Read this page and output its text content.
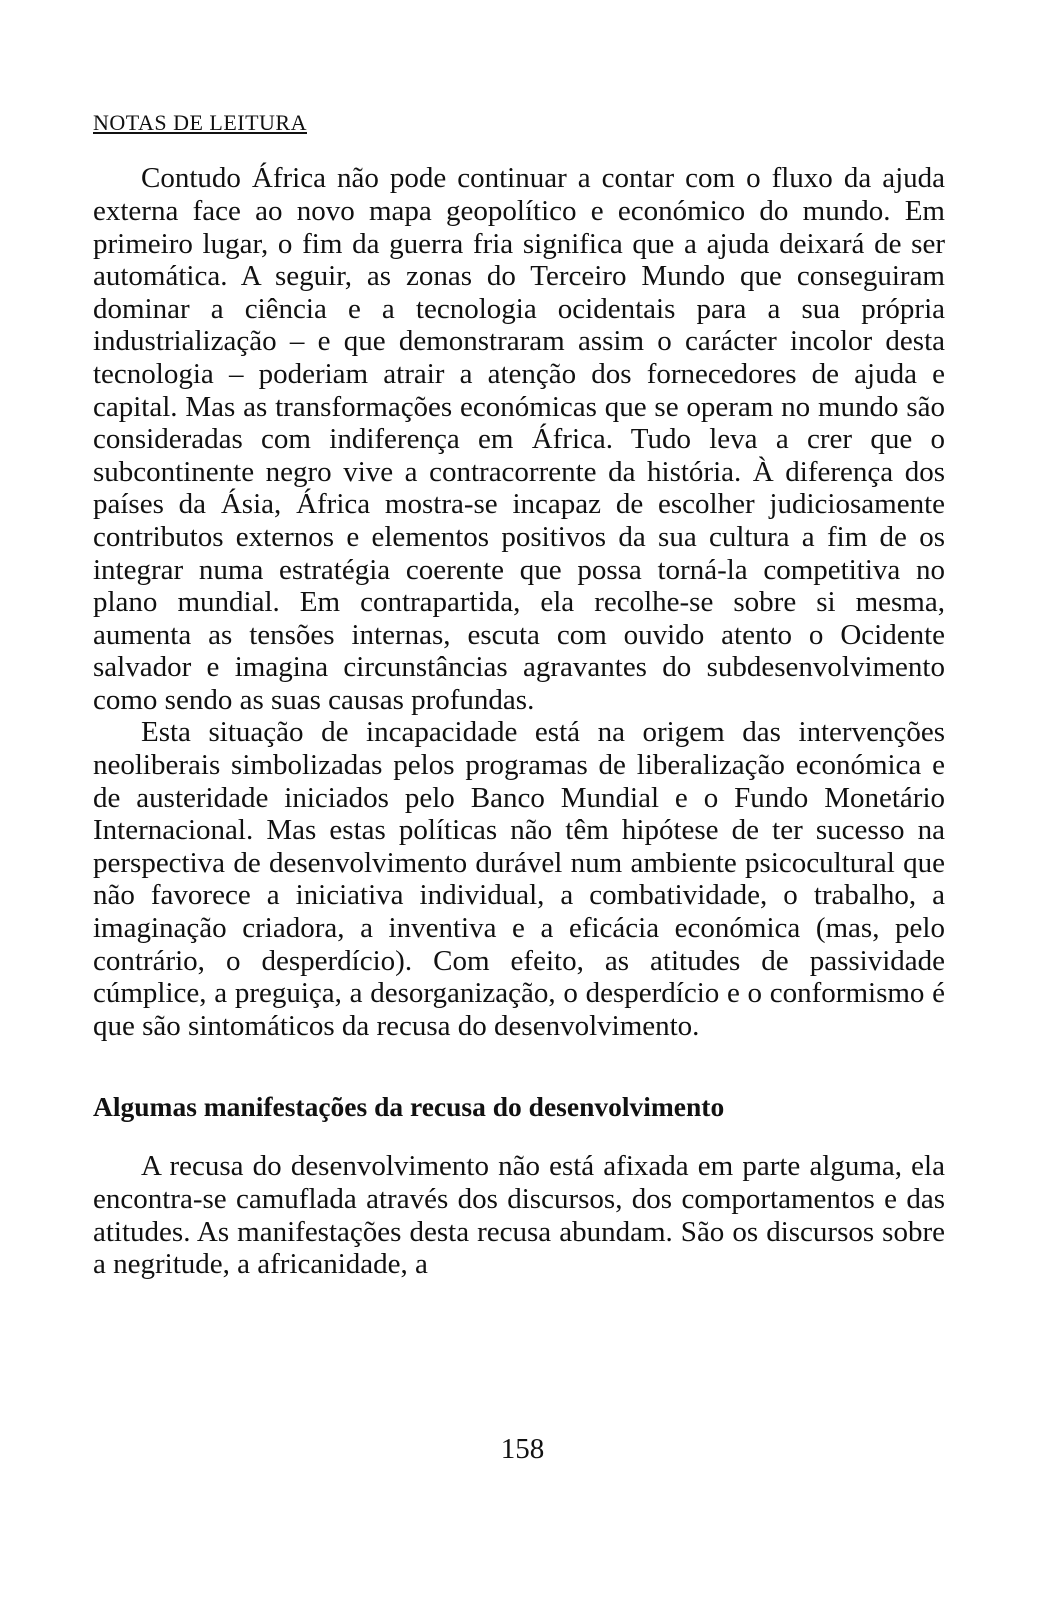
NOTAS DE LEITURA

Contudo África não pode continuar a contar com o fluxo da ajuda externa face ao novo mapa geopolítico e económico do mundo. Em primeiro lugar, o fim da guerra fria significa que a ajuda deixará de ser automática. A seguir, as zonas do Terceiro Mundo que conseguiram dominar a ciência e a tecnologia ocidentais para a sua própria industrialização – e que demonstraram assim o carácter incolor desta tecnologia – poderiam atrair a atenção dos fornecedores de ajuda e capital. Mas as transformações económicas que se operam no mundo são consideradas com indiferença em África. Tudo leva a crer que o subcontinente negro vive a contracorrente da história. À diferença dos países da Ásia, África mostra-se incapaz de escolher judiciosamente contributos externos e elementos positivos da sua cultura a fim de os integrar numa estratégia coerente que possa torná-la competitiva no plano mundial. Em contrapartida, ela recolhe-se sobre si mesma, aumenta as tensões internas, escuta com ouvido atento o Ocidente salvador e imagina circunstâncias agravantes do subdesenvolvimento como sendo as suas causas profundas.

Esta situação de incapacidade está na origem das intervenções neoliberais simbolizadas pelos programas de liberalização económica e de austeridade iniciados pelo Banco Mundial e o Fundo Monetário Internacional. Mas estas políticas não têm hipótese de ter sucesso na perspectiva de desenvolvimento durável num ambiente psicocultural que não favorece a iniciativa individual, a combatividade, o trabalho, a imaginação criadora, a inventiva e a eficácia económica (mas, pelo contrário, o desperdício). Com efeito, as atitudes de passividade cúmplice, a preguiça, a desorganização, o desperdício e o conformismo é que são sintomáticos da recusa do desenvolvimento.

Algumas manifestações da recusa do desenvolvimento

A recusa do desenvolvimento não está afixada em parte alguma, ela encontra-se camuflada através dos discursos, dos comportamentos e das atitudes. As manifestações desta recusa abundam. São os discursos sobre a negritude, a africanidade, a

158
